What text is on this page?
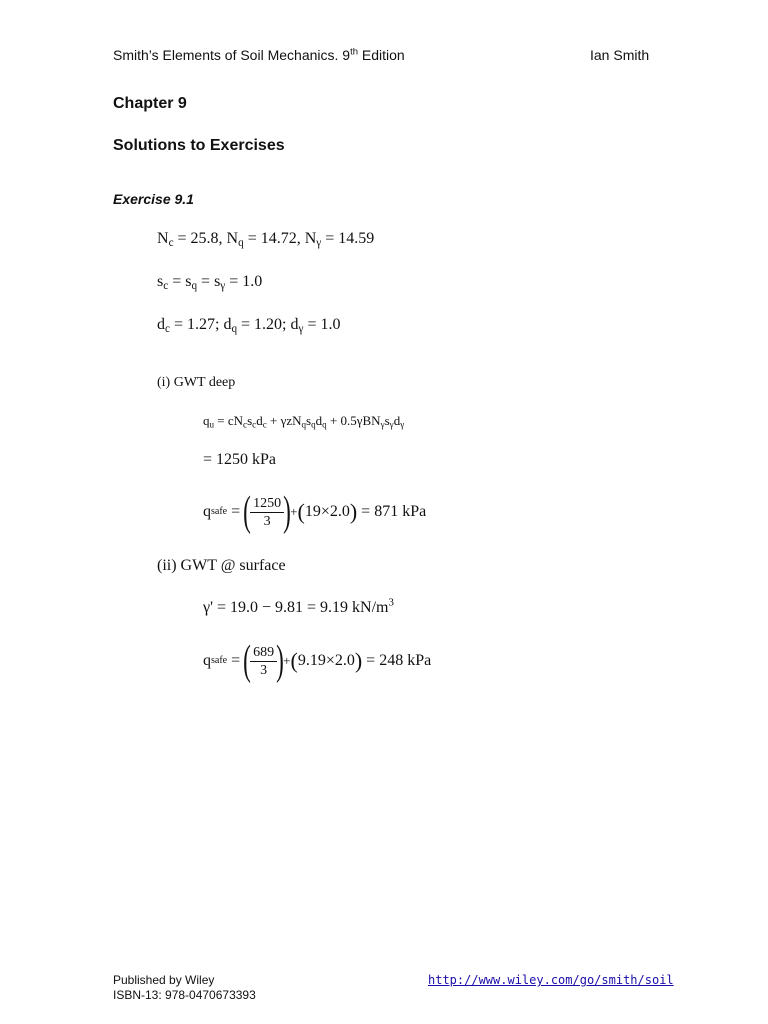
Smith’s Elements of Soil Mechanics. 9th Edition	Ian Smith
Chapter 9
Solutions to Exercises
Exercise 9.1
$N_c = 25.8$, $N_q = 14.72$, $N_\gamma = 14.59$
$s_c = s_q = s_\gamma = 1.0$
$d_c = 1.27$; $d_q = 1.20$; $d_\gamma = 1.0$
(i) GWT deep
$q_u = cN_cs_cd_c + \gamma zN_qs_qd_q + 0.5\gamma BN_\gamma s_\gamma d_\gamma$
= 1250 kPa
q safe = ( $\frac{1250}{3}$ ) + ( 19×2.0 ) = 871 kPa
(ii) GWT @ surface
γ' = 19.0 − 9.81 = 9.19 $kN/m^3$
q safe = ( $\frac{689}{3}$ ) + ( 9.19×2.0 ) = 248 kPa
Published by Wiley
ISBN-13: 978-0470673393
http://www.wiley.com/go/smith/soil
